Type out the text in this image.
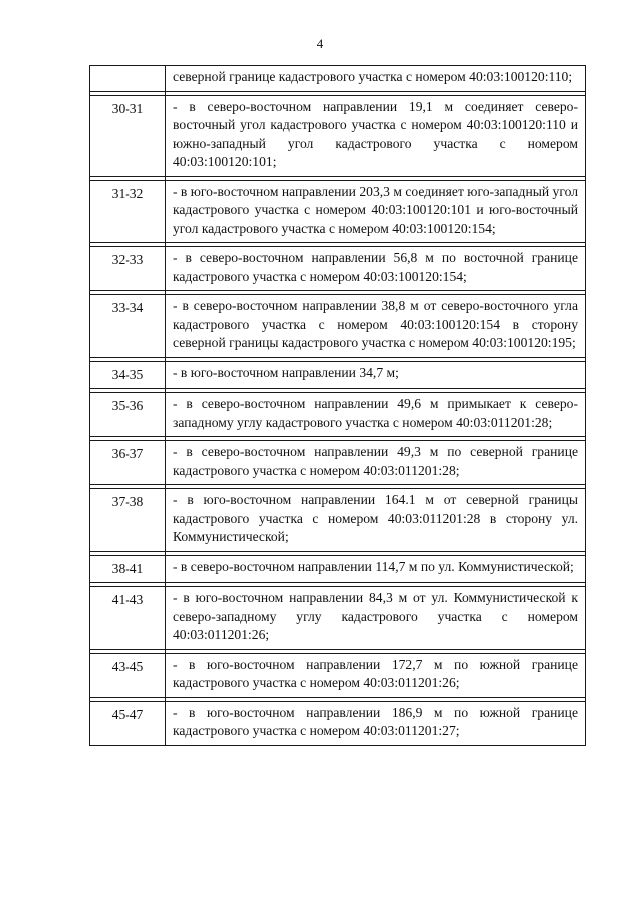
4
	северной границе кадастрового участка с номером 40:03:100120:110;

30-31	- в северо-восточном направлении 19,1 м соединяет северо-восточный угол кадастрового участка с номером 40:03:100120:110 и южно-западный угол кадастрового участка с номером 40:03:100120:101;

31-32	- в юго-восточном направлении 203,3 м соединяет юго-западный угол кадастрового участка с номером 40:03:100120:101 и юго-восточный угол кадастрового участка с номером 40:03:100120:154;

32-33	- в северо-восточном направлении 56,8 м по восточной границе кадастрового участка с номером 40:03:100120:154;

33-34	- в северо-восточном направлении 38,8 м от северо-восточного угла кадастрового участка с номером 40:03:100120:154 в сторону северной границы кадастрового участка с номером 40:03:100120:195;

34-35	- в юго-восточном направлении 34,7 м;

35-36	- в северо-восточном направлении 49,6 м примыкает к северо-западному углу кадастрового участка с номером 40:03:011201:28;

36-37	- в северо-восточном направлении 49,3 м по северной границе кадастрового участка с номером 40:03:011201:28;

37-38	- в юго-восточном направлении 164.1 м от северной границы кадастрового участка с номером 40:03:011201:28 в сторону ул. Коммунистической;

38-41	- в северо-восточном направлении 114,7 м по ул. Коммунистической;

41-43	- в юго-восточном направлении 84,3 м от ул. Коммунистической к северо-западному углу кадастрового участка с номером 40:03:011201:26;

43-45	- в юго-восточном направлении 172,7 м по южной границе кадастрового участка с номером 40:03:011201:26;

45-47	- в юго-восточном направлении 186,9 м по южной границе кадастрового участка с номером 40:03:011201:27;
